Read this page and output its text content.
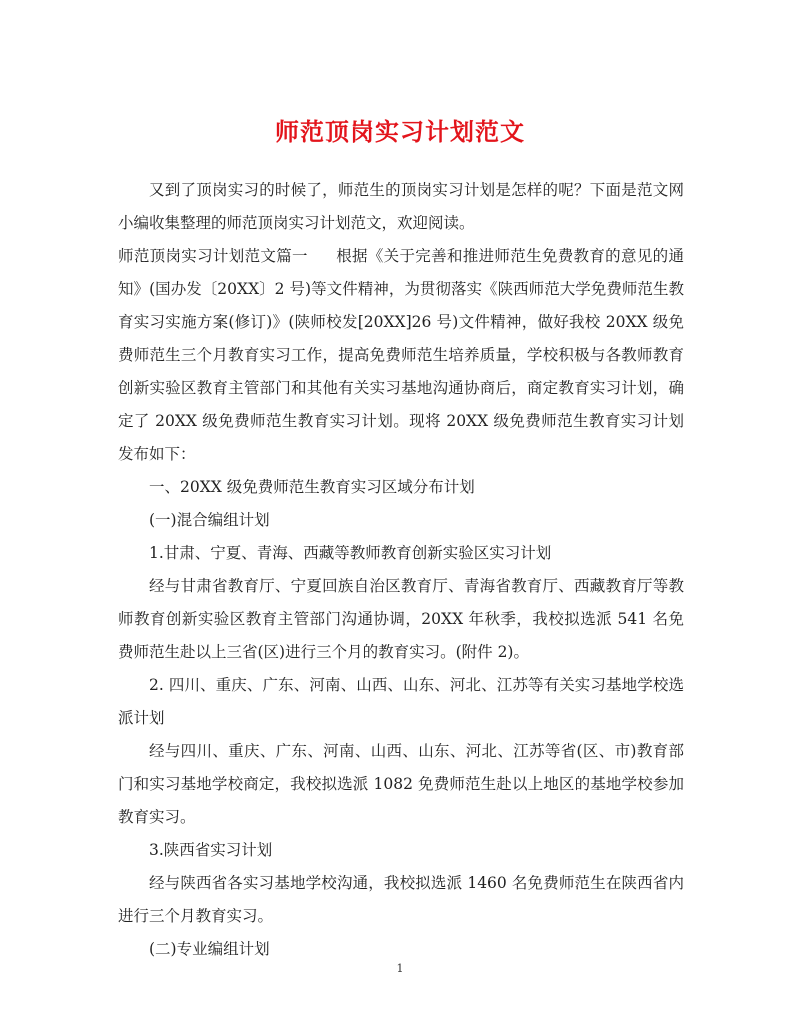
师范顶岗实习计划范文

又到了顶岗实习的时候了，师范生的顶岗实习计划是怎样的呢？下面是范文网小编收集整理的师范顶岗实习计划范文，欢迎阅读。

师范顶岗实习计划范文篇一 根据《关于完善和推进师范生免费教育的意见的通知》(国办发〔20XX〕2 号)等文件精神，为贯彻落实《陕西师范大学免费师范生教育实习实施方案(修订)》(陕师校发[20XX]26 号)文件精神，做好我校 20XX 级免费师范生三个月教育实习工作，提高免费师范生培养质量，学校积极与各教师教育创新实验区教育主管部门和其他有关实习基地沟通协商后，商定教育实习计划，确定了 20XX 级免费师范生教育实习计划。现将 20XX 级免费师范生教育实习计划发布如下：

一、20XX 级免费师范生教育实习区域分布计划

(一)混合编组计划

1.甘肃、宁夏、青海、西藏等教师教育创新实验区实习计划

经与甘肃省教育厅、宁夏回族自治区教育厅、青海省教育厅、西藏教育厅等教师教育创新实验区教育主管部门沟通协调，20XX 年秋季，我校拟选派 541 名免费师范生赴以上三省(区)进行三个月的教育实习。(附件 2)。

2. 四川、重庆、广东、河南、山西、山东、河北、江苏等有关实习基地学校选派计划

经与四川、重庆、广东、河南、山西、山东、河北、江苏等省(区、市)教育部门和实习基地学校商定，我校拟选派 1082 免费师范生赴以上地区的基地学校参加教育实习。

3.陕西省实习计划

经与陕西省各实习基地学校沟通，我校拟选派 1460 名免费师范生在陕西省内进行三个月教育实习。

(二)专业编组计划

1
